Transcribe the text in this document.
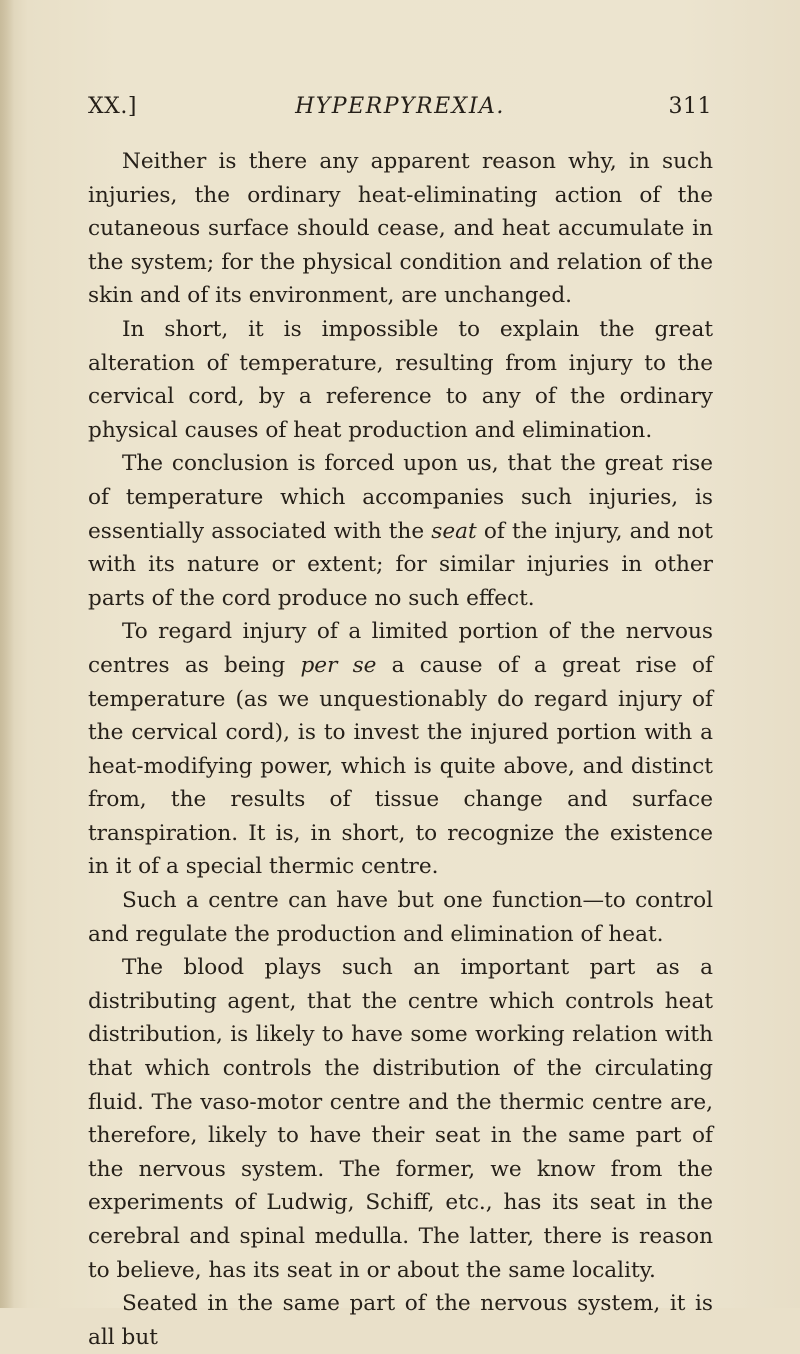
XX.]	HYPERPYREXIA.	311

Neither is there any apparent reason why, in such injuries, the ordinary heat-eliminating action of the cutaneous surface should cease, and heat accumulate in the system; for the physical condition and relation of the skin and of its environment, are unchanged.

In short, it is impossible to explain the great alteration of temperature, resulting from injury to the cervical cord, by a reference to any of the ordinary physical causes of heat production and elimination.

The conclusion is forced upon us, that the great rise of temperature which accompanies such injuries, is essentially associated with the seat of the injury, and not with its nature or extent; for similar injuries in other parts of the cord produce no such effect.

To regard injury of a limited portion of the nervous centres as being per se a cause of a great rise of temperature (as we unquestionably do regard injury of the cervical cord), is to invest the injured portion with a heat-modifying power, which is quite above, and distinct from, the results of tissue change and surface transpiration. It is, in short, to recognize the existence in it of a special thermic centre.

Such a centre can have but one function—to control and regulate the production and elimination of heat.

The blood plays such an important part as a distributing agent, that the centre which controls heat distribution, is likely to have some working relation with that which controls the distribution of the circulating fluid. The vaso-motor centre and the thermic centre are, therefore, likely to have their seat in the same part of the nervous system. The former, we know from the experiments of Ludwig, Schiff, etc., has its seat in the cerebral and spinal medulla. The latter, there is reason to believe, has its seat in or about the same locality.

Seated in the same part of the nervous system, it is all but
